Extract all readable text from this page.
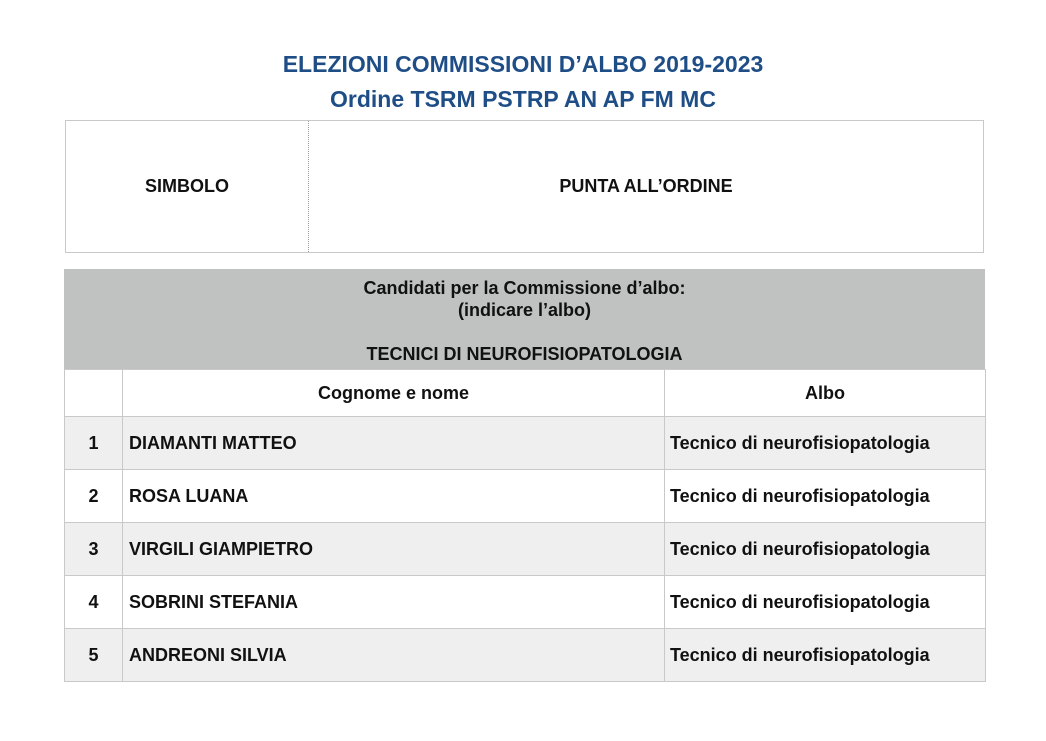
ELEZIONI COMMISSIONI D’ALBO 2019-2023
Ordine TSRM PSTRP AN AP FM MC
SIMBOLO	PUNTA ALL’ORDINE
Candidati per la Commissione d’albo:
(indicare l’albo)
TECNICI DI NEUROFISIOPATOLOGIA
	Cognome e nome	Albo
1	DIAMANTI MATTEO	Tecnico di neurofisiopatologia
2	ROSA LUANA	Tecnico di neurofisiopatologia
3	VIRGILI GIAMPIETRO	Tecnico di neurofisiopatologia
4	SOBRINI STEFANIA	Tecnico di neurofisiopatologia
5	ANDREONI SILVIA	Tecnico di neurofisiopatologia
